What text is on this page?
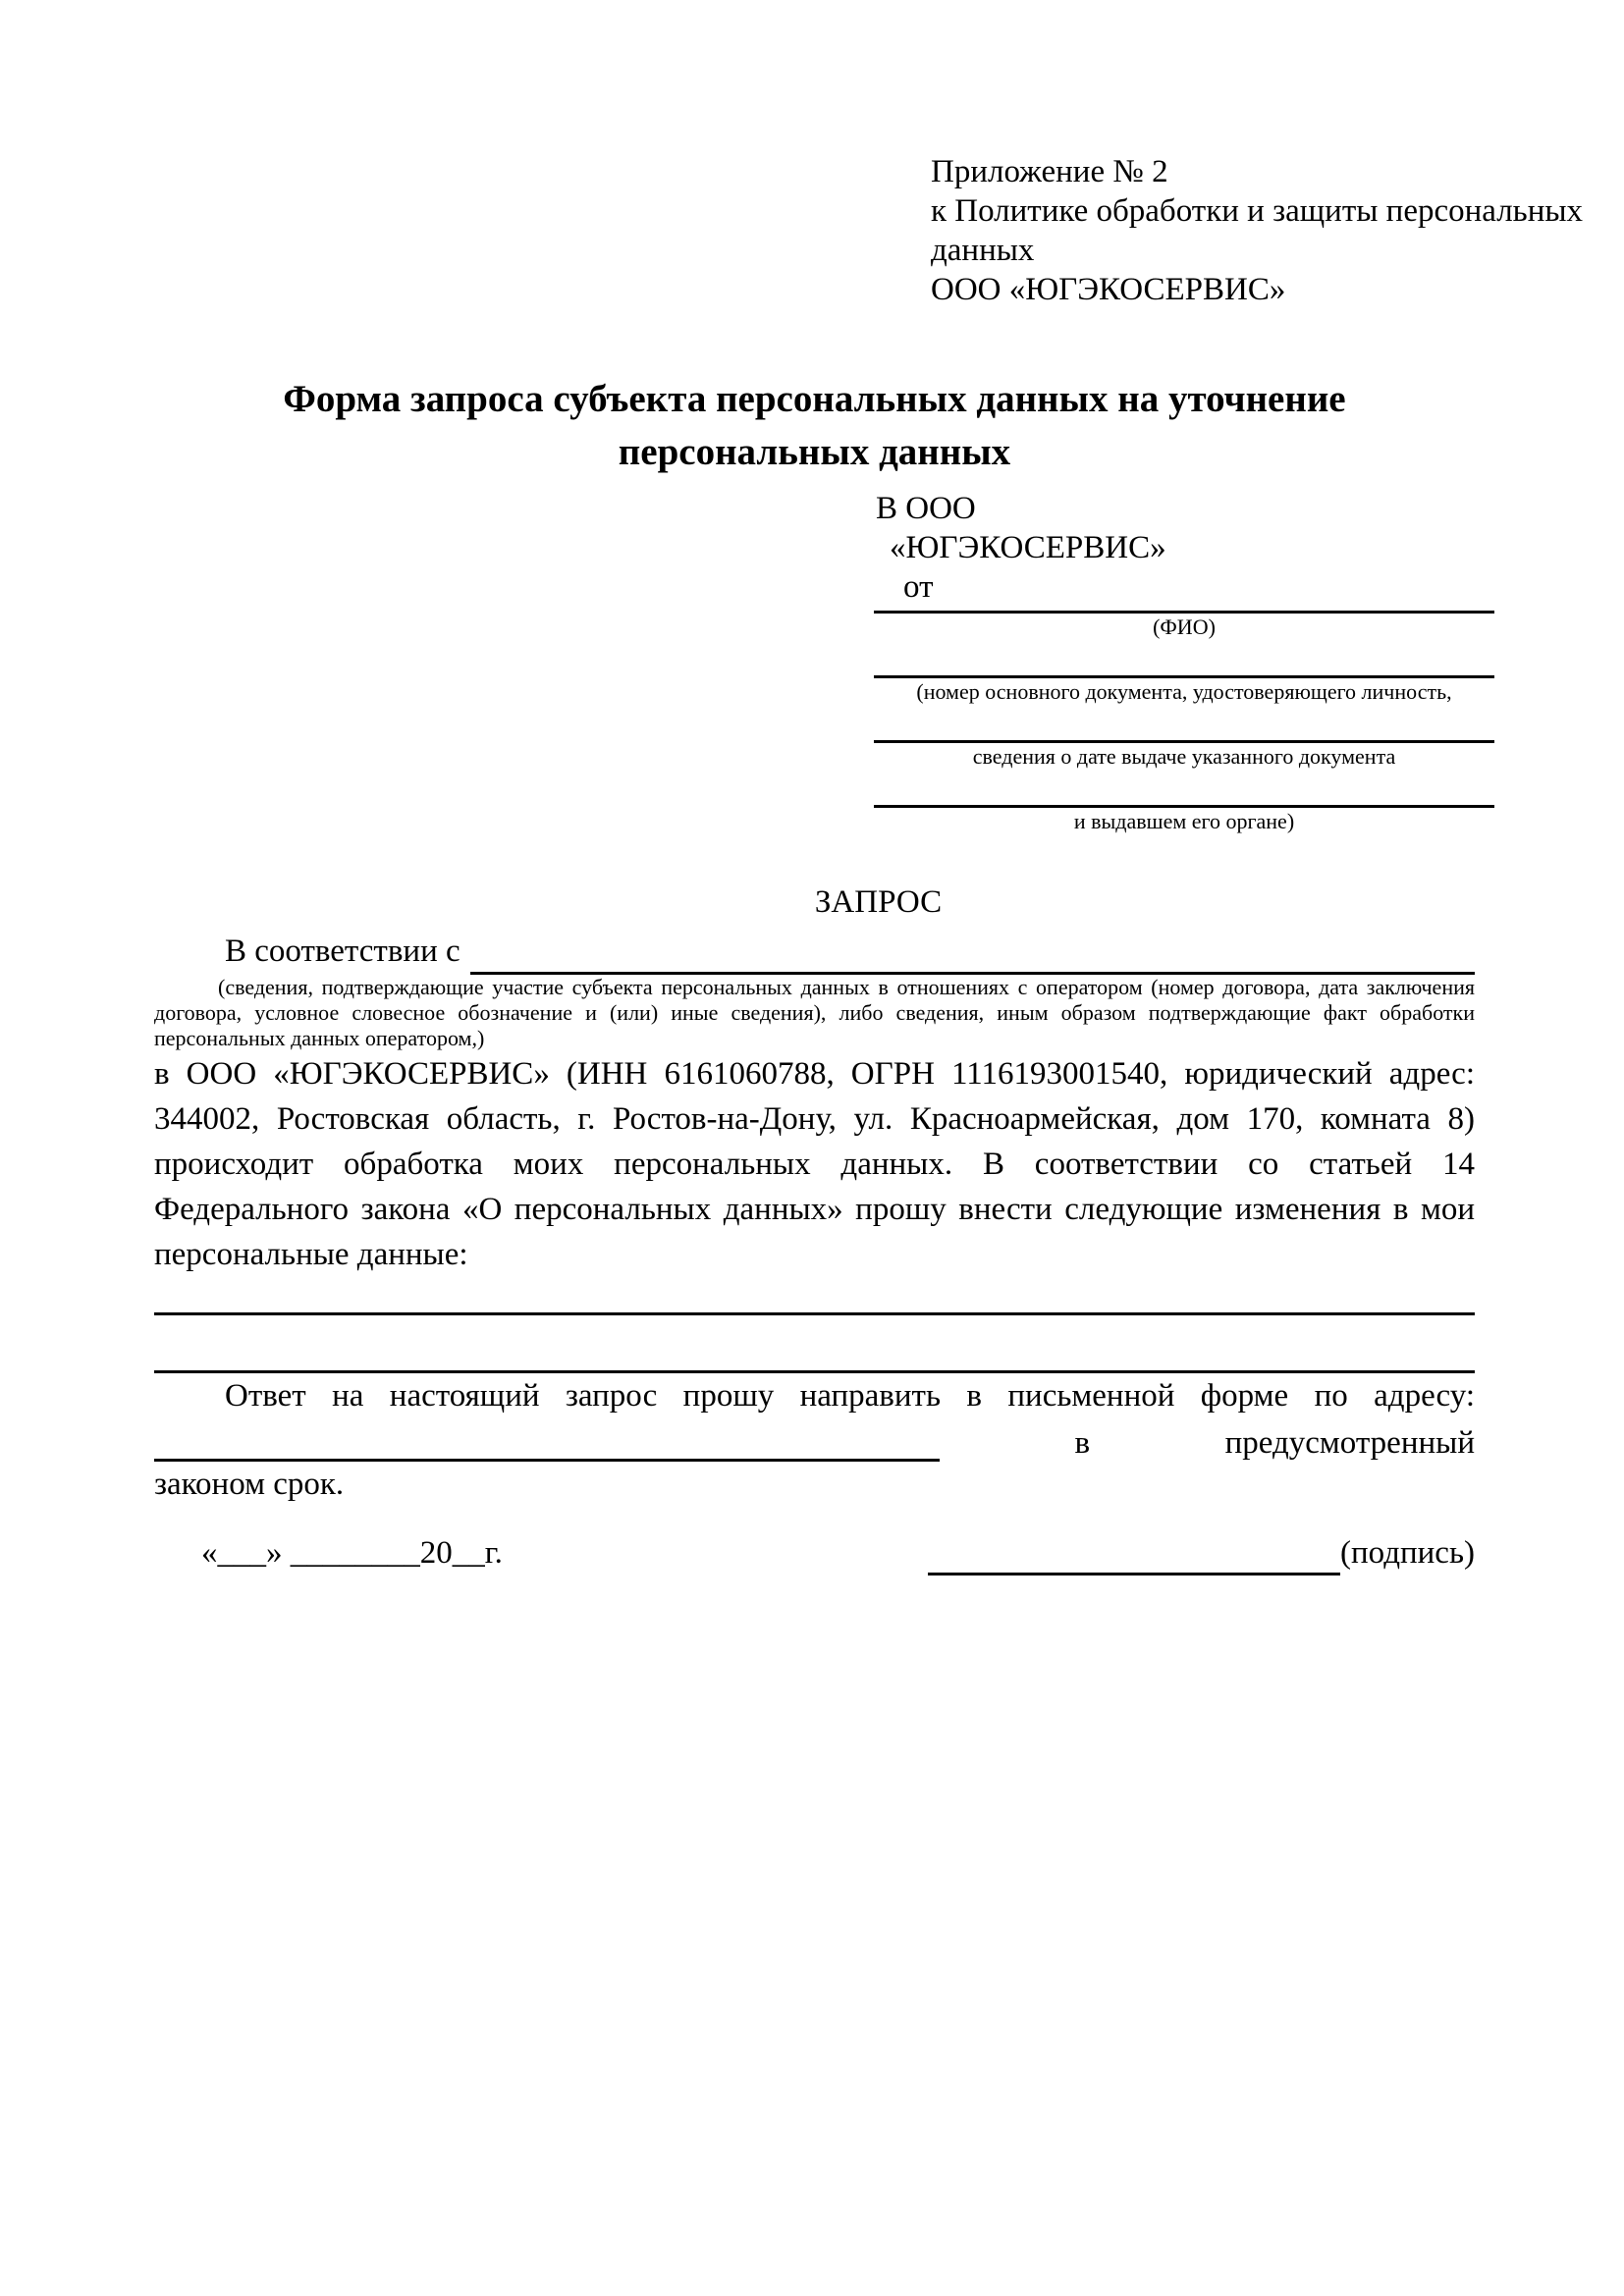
Приложение № 2
к Политике обработки и защиты персональных
данных
ООО «ЮГЭКОСЕРВИС»
Форма запроса субъекта персональных данных на уточнение персональных данных
В ООО
«ЮГЭКОСЕРВИС»
от
(ФИО)
(номер основного документа, удостоверяющего личность,
сведения о дате выдаче указанного документа
и выдавшем его органе)
ЗАПРОС
В соответствии с

(сведения, подтверждающие участие субъекта персональных данных в отношениях с оператором (номер договора, дата заключения договора, условное словесное обозначение и (или) иные сведения), либо сведения, иным образом подтверждающие факт обработки персональных данных оператором,)

в ООО «ЮГЭКОСЕРВИС» (ИНН 6161060788, ОГРН 1116193001540, юридический адрес: 344002, Ростовская область, г. Ростов-на-Дону, ул. Красноармейская, дом 170, комната 8) происходит обработка моих персональных данных. В соответствии со статьей 14 Федерального закона «О персональных данных» прошу внести следующие изменения в мои персональные данные:

Ответ на настоящий запрос прошу направить в письменной форме по адресу:

в	предусмотренный
законом срок.
«___» ________20__г.	(подпись)
